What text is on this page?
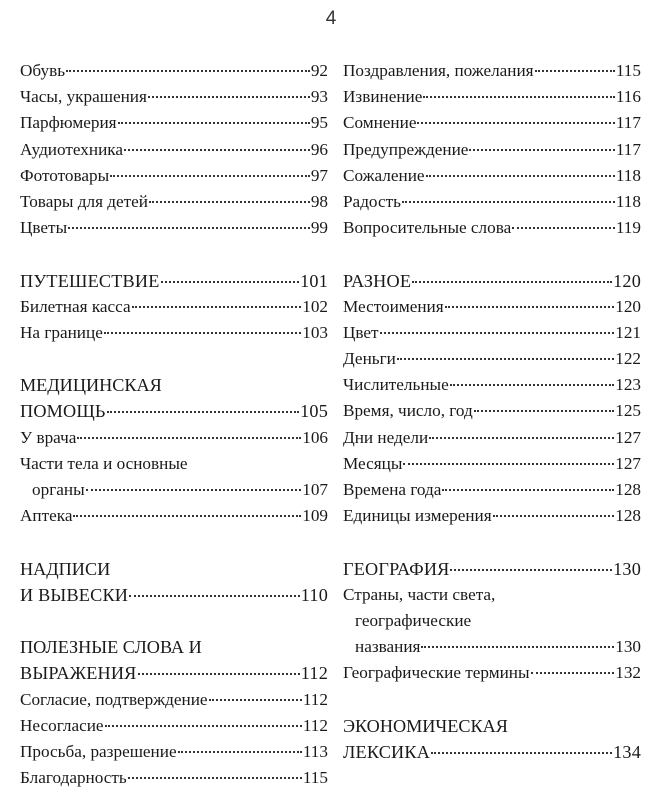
4
Обувь	92
Часы, украшения	93
Парфюмерия	95
Аудиотехника	96
Фототовары	97
Товары для детей	98
Цветы	99
ПУТЕШЕСТВИЕ	101
Билетная касса	102
На границе	103
МЕДИЦИНСКАЯ
ПОМОЩЬ	105
У врача	106
Части тела и основные
органы	107
Аптека	109
НАДПИСИ
И ВЫВЕСКИ	110
ПОЛЕЗНЫЕ СЛОВА И
ВЫРАЖЕНИЯ	112
Согласие, подтверждение	112
Несогласие	112
Просьба, разрешение	113
Благодарность	115
Поздравления, пожелания	115
Извинение	116
Сомнение	117
Предупреждение	117
Сожаление	118
Радость	118
Вопросительные слова	119
РАЗНОЕ	120
Местоимения	120
Цвет	121
Деньги	122
Числительные	123
Время, число, год	125
Дни недели	127
Месяцы	127
Времена года	128
Единицы измерения	128
ГЕОГРАФИЯ	130
Страны, части света,
географические
названия	130
Географические термины	132
ЭКОНОМИЧЕСКАЯ
ЛЕКСИКА	134
